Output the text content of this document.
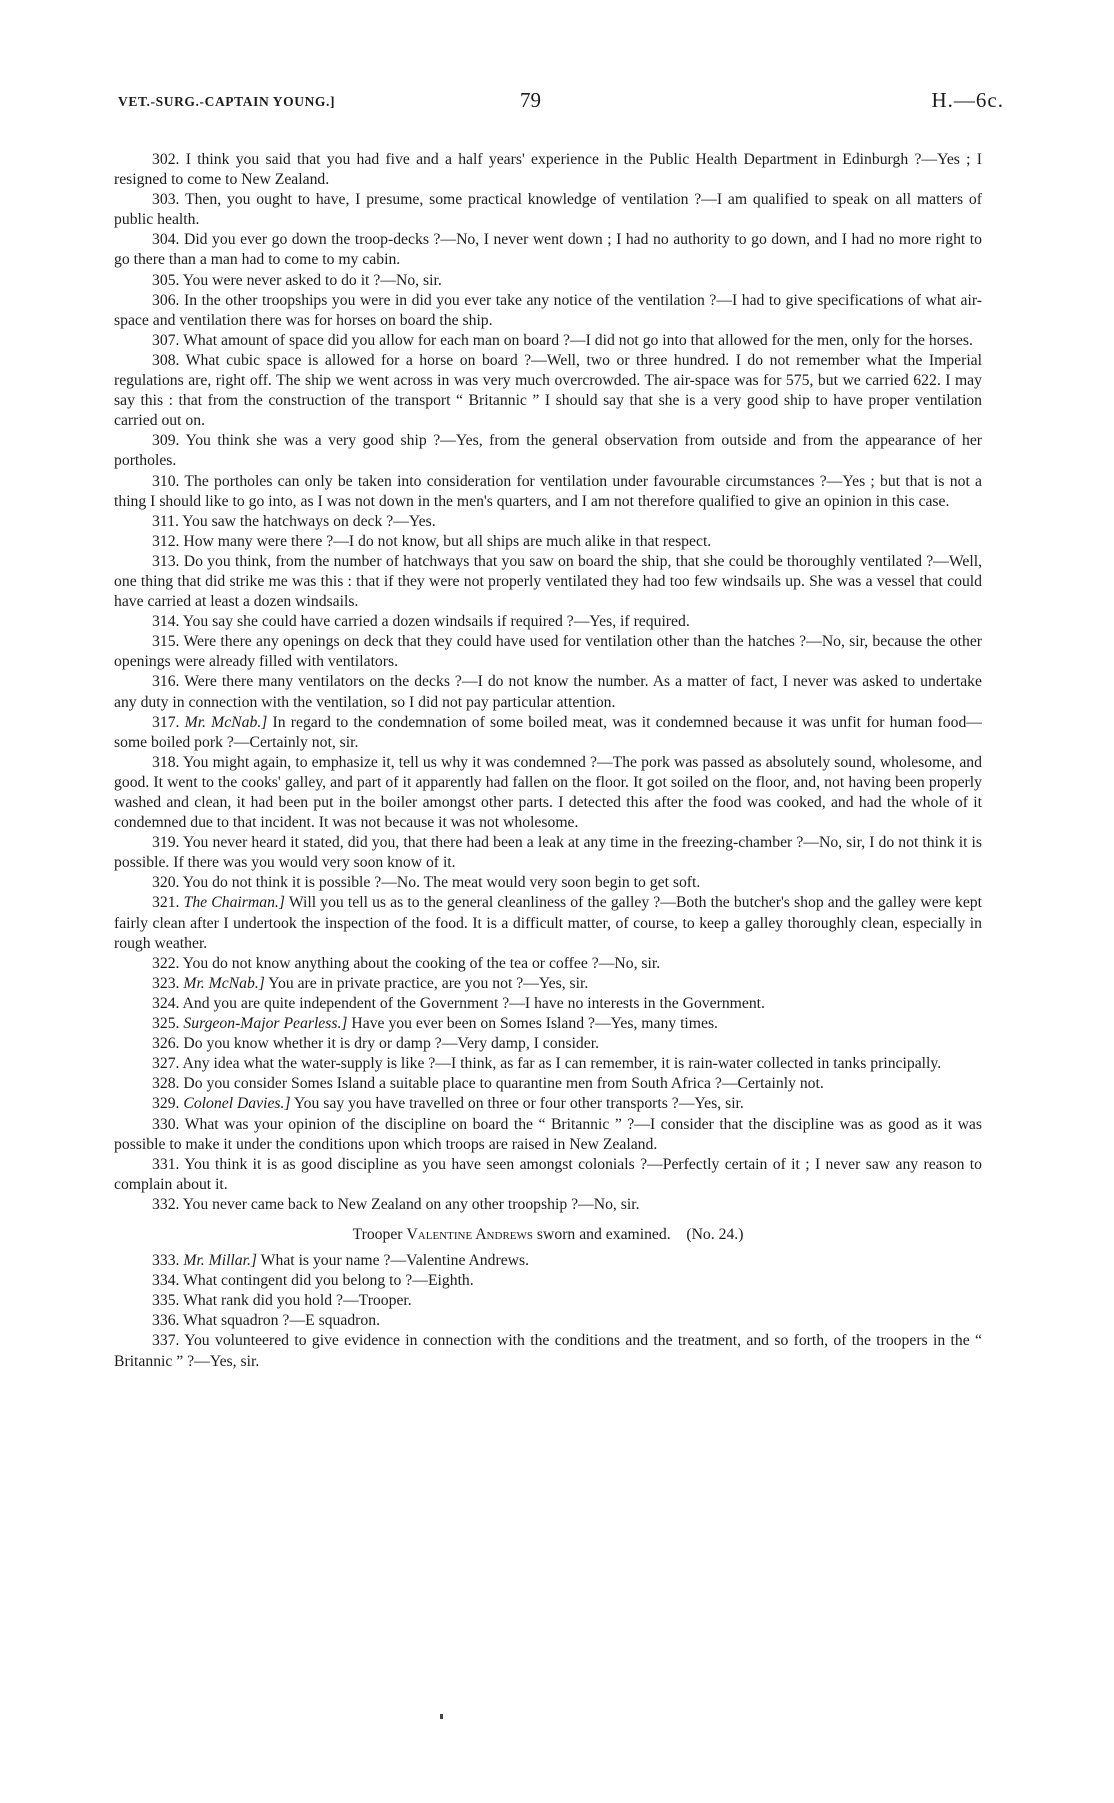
VET.-SURG.-CAPTAIN YOUNG.]	79	H.—6c.

302. I think you said that you had five and a half years' experience in the Public Health Department in Edinburgh ?—Yes ; I resigned to come to New Zealand.

303. Then, you ought to have, I presume, some practical knowledge of ventilation ?—I am qualified to speak on all matters of public health.

304. Did you ever go down the troop-decks ?—No, I never went down ; I had no authority to go down, and I had no more right to go there than a man had to come to my cabin.

305. You were never asked to do it ?—No, sir.

306. In the other troopships you were in did you ever take any notice of the ventilation ?—I had to give specifications of what air-space and ventilation there was for horses on board the ship.

307. What amount of space did you allow for each man on board ?—I did not go into that allowed for the men, only for the horses.

308. What cubic space is allowed for a horse on board ?—Well, two or three hundred. I do not remember what the Imperial regulations are, right off. The ship we went across in was very much overcrowded. The air-space was for 575, but we carried 622. I may say this : that from the construction of the transport “ Britannic ” I should say that she is a very good ship to have proper ventilation carried out on.

309. You think she was a very good ship ?—Yes, from the general observation from outside and from the appearance of her portholes.

310. The portholes can only be taken into consideration for ventilation under favourable circumstances ?—Yes ; but that is not a thing I should like to go into, as I was not down in the men's quarters, and I am not therefore qualified to give an opinion in this case.

311. You saw the hatchways on deck ?—Yes.

312. How many were there ?—I do not know, but all ships are much alike in that respect.

313. Do you think, from the number of hatchways that you saw on board the ship, that she could be thoroughly ventilated ?—Well, one thing that did strike me was this : that if they were not properly ventilated they had too few windsails up. She was a vessel that could have carried at least a dozen windsails.

314. You say she could have carried a dozen windsails if required ?—Yes, if required.

315. Were there any openings on deck that they could have used for ventilation other than the hatches ?—No, sir, because the other openings were already filled with ventilators.

316. Were there many ventilators on the decks ?—I do not know the number. As a matter of fact, I never was asked to undertake any duty in connection with the ventilation, so I did not pay particular attention.

317. Mr. McNab.] In regard to the condemnation of some boiled meat, was it condemned because it was unfit for human food—some boiled pork ?—Certainly not, sir.

318. You might again, to emphasize it, tell us why it was condemned ?—The pork was passed as absolutely sound, wholesome, and good. It went to the cooks' galley, and part of it apparently had fallen on the floor. It got soiled on the floor, and, not having been properly washed and clean, it had been put in the boiler amongst other parts. I detected this after the food was cooked, and had the whole of it condemned due to that incident. It was not because it was not wholesome.

319. You never heard it stated, did you, that there had been a leak at any time in the freezing-chamber ?—No, sir, I do not think it is possible. If there was you would very soon know of it.

320. You do not think it is possible ?—No. The meat would very soon begin to get soft.

321. The Chairman.] Will you tell us as to the general cleanliness of the galley ?—Both the butcher's shop and the galley were kept fairly clean after I undertook the inspection of the food. It is a difficult matter, of course, to keep a galley thoroughly clean, especially in rough weather.

322. You do not know anything about the cooking of the tea or coffee ?—No, sir.

323. Mr. McNab.] You are in private practice, are you not ?—Yes, sir.

324. And you are quite independent of the Government ?—I have no interests in the Government.

325. Surgeon-Major Pearless.] Have you ever been on Somes Island ?—Yes, many times.

326. Do you know whether it is dry or damp ?—Very damp, I consider.

327. Any idea what the water-supply is like ?—I think, as far as I can remember, it is rain-water collected in tanks principally.

328. Do you consider Somes Island a suitable place to quarantine men from South Africa ?—Certainly not.

329. Colonel Davies.] You say you have travelled on three or four other transports ?—Yes, sir.

330. What was your opinion of the discipline on board the “ Britannic ” ?—I consider that the discipline was as good as it was possible to make it under the conditions upon which troops are raised in New Zealand.

331. You think it is as good discipline as you have seen amongst colonials ?—Perfectly certain of it ; I never saw any reason to complain about it.

332. You never came back to New Zealand on any other troopship ?—No, sir.

Trooper Valentine Andrews sworn and examined. (No. 24.)

333. Mr. Millar.] What is your name ?—Valentine Andrews.

334. What contingent did you belong to ?—Eighth.

335. What rank did you hold ?—Trooper.

336. What squadron ?—E squadron.

337. You volunteered to give evidence in connection with the conditions and the treatment, and so forth, of the troopers in the “ Britannic ” ?—Yes, sir.
